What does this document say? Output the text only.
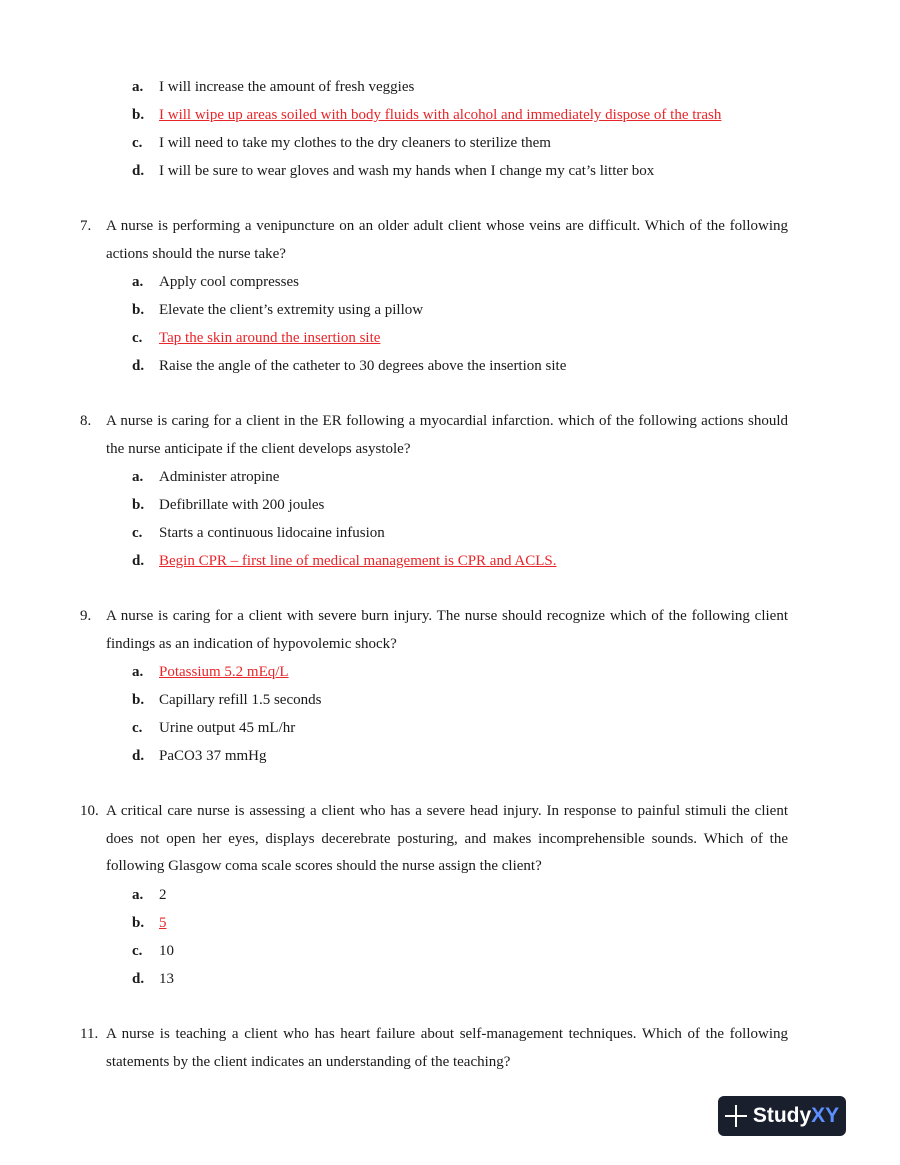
a. I will increase the amount of fresh veggies
b. I will wipe up areas soiled with body fluids with alcohol and immediately dispose of the trash
c. I will need to take my clothes to the dry cleaners to sterilize them
d. I will be sure to wear gloves and wash my hands when I change my cat’s litter box
7. A nurse is performing a venipuncture on an older adult client whose veins are difficult. Which of the following actions should the nurse take?
a. Apply cool compresses
b. Elevate the client’s extremity using a pillow
c. Tap the skin around the insertion site
d. Raise the angle of the catheter to 30 degrees above the insertion site
8. A nurse is caring for a client in the ER following a myocardial infarction. which of the following actions should the nurse anticipate if the client develops asystole?
a. Administer atropine
b. Defibrillate with 200 joules
c. Starts a continuous lidocaine infusion
d. Begin CPR – first line of medical management is CPR and ACLS.
9. A nurse is caring for a client with severe burn injury. The nurse should recognize which of the following client findings as an indication of hypovolemic shock?
a. Potassium 5.2 mEq/L
b. Capillary refill 1.5 seconds
c. Urine output 45 mL/hr
d. PaCO3 37 mmHg
10. A critical care nurse is assessing a client who has a severe head injury. In response to painful stimuli the client does not open her eyes, displays decerebrate posturing, and makes incomprehensible sounds. Which of the following Glasgow coma scale scores should the nurse assign the client?
a. 2
b. 5
c. 10
d. 13
11. A nurse is teaching a client who has heart failure about self-management techniques. Which of the following statements by the client indicates an understanding of the teaching?
StudyXY
